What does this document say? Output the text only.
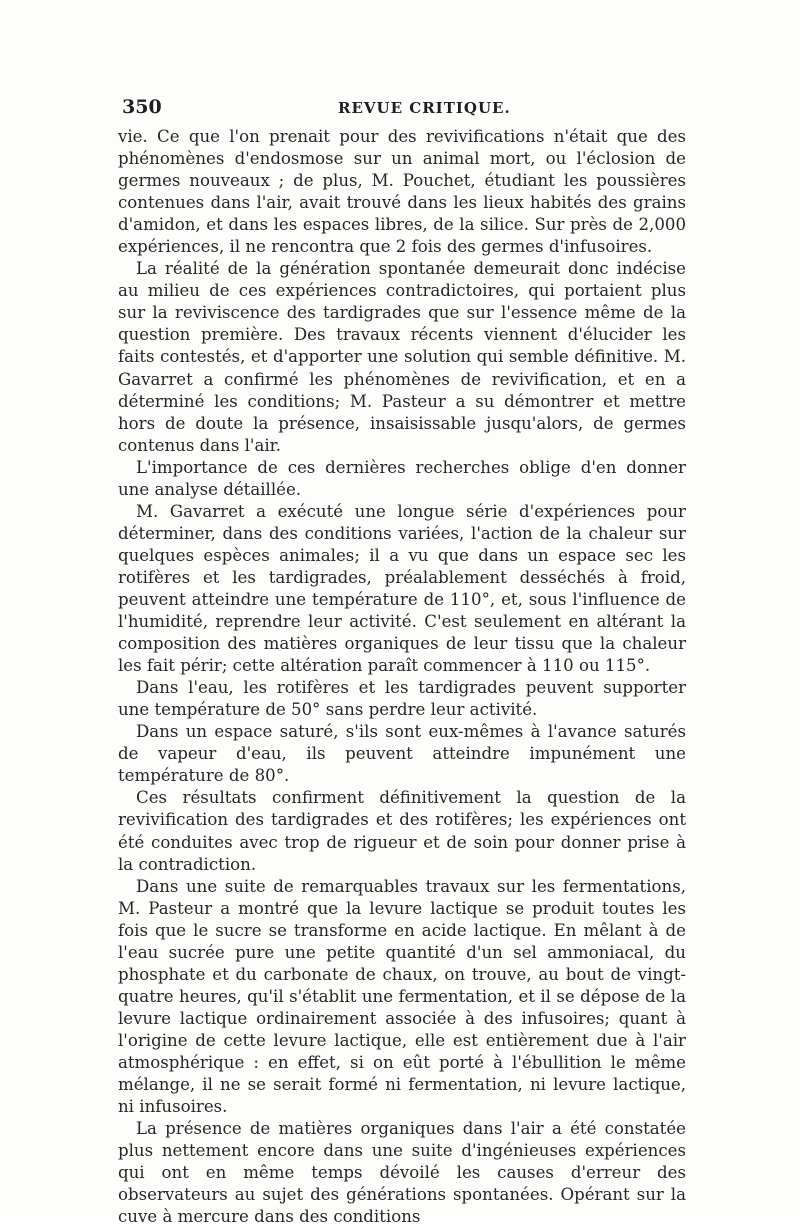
350	REVUE CRITIQUE.

vie. Ce que l'on prenait pour des revivifications n'était que des phénomènes d'endosmose sur un animal mort, ou l'éclosion de germes nouveaux ; de plus, M. Pouchet, étudiant les poussières contenues dans l'air, avait trouvé dans les lieux habités des grains d'amidon, et dans les espaces libres, de la silice. Sur près de 2,000 expériences, il ne rencontra que 2 fois des germes d'infusoires.

La réalité de la génération spontanée demeurait donc indécise au milieu de ces expériences contradictoires, qui portaient plus sur la reviviscence des tardigrades que sur l'essence même de la question première. Des travaux récents viennent d'élucider les faits contestés, et d'apporter une solution qui semble définitive. M. Gavarret a confirmé les phénomènes de revivification, et en a déterminé les conditions; M. Pasteur a su démontrer et mettre hors de doute la présence, insaisissable jusqu'alors, de germes contenus dans l'air.

L'importance de ces dernières recherches oblige d'en donner une analyse détaillée.

M. Gavarret a exécuté une longue série d'expériences pour déterminer, dans des conditions variées, l'action de la chaleur sur quelques espèces animales; il a vu que dans un espace sec les rotifères et les tardigrades, préalablement desséchés à froid, peuvent atteindre une température de 110°, et, sous l'influence de l'humidité, reprendre leur activité. C'est seulement en altérant la composition des matières organiques de leur tissu que la chaleur les fait périr; cette altération paraît commencer à 110 ou 115°.

Dans l'eau, les rotifères et les tardigrades peuvent supporter une température de 50° sans perdre leur activité.

Dans un espace saturé, s'ils sont eux-mêmes à l'avance saturés de vapeur d'eau, ils peuvent atteindre impunément une température de 80°.

Ces résultats confirment définitivement la question de la revivification des tardigrades et des rotifères; les expériences ont été conduites avec trop de rigueur et de soin pour donner prise à la contradiction.

Dans une suite de remarquables travaux sur les fermentations, M. Pasteur a montré que la levure lactique se produit toutes les fois que le sucre se transforme en acide lactique. En mêlant à de l'eau sucrée pure une petite quantité d'un sel ammoniacal, du phosphate et du carbonate de chaux, on trouve, au bout de vingt-quatre heures, qu'il s'établit une fermentation, et il se dépose de la levure lactique ordinairement associée à des infusoires; quant à l'origine de cette levure lactique, elle est entièrement due à l'air atmosphérique : en effet, si on eût porté à l'ébullition le même mélange, il ne se serait formé ni fermentation, ni levure lactique, ni infusoires.

La présence de matières organiques dans l'air a été constatée plus nettement encore dans une suite d'ingénieuses expériences qui ont en même temps dévoilé les causes d'erreur des observateurs au sujet des générations spontanées. Opérant sur la cuve à mercure dans des conditions
